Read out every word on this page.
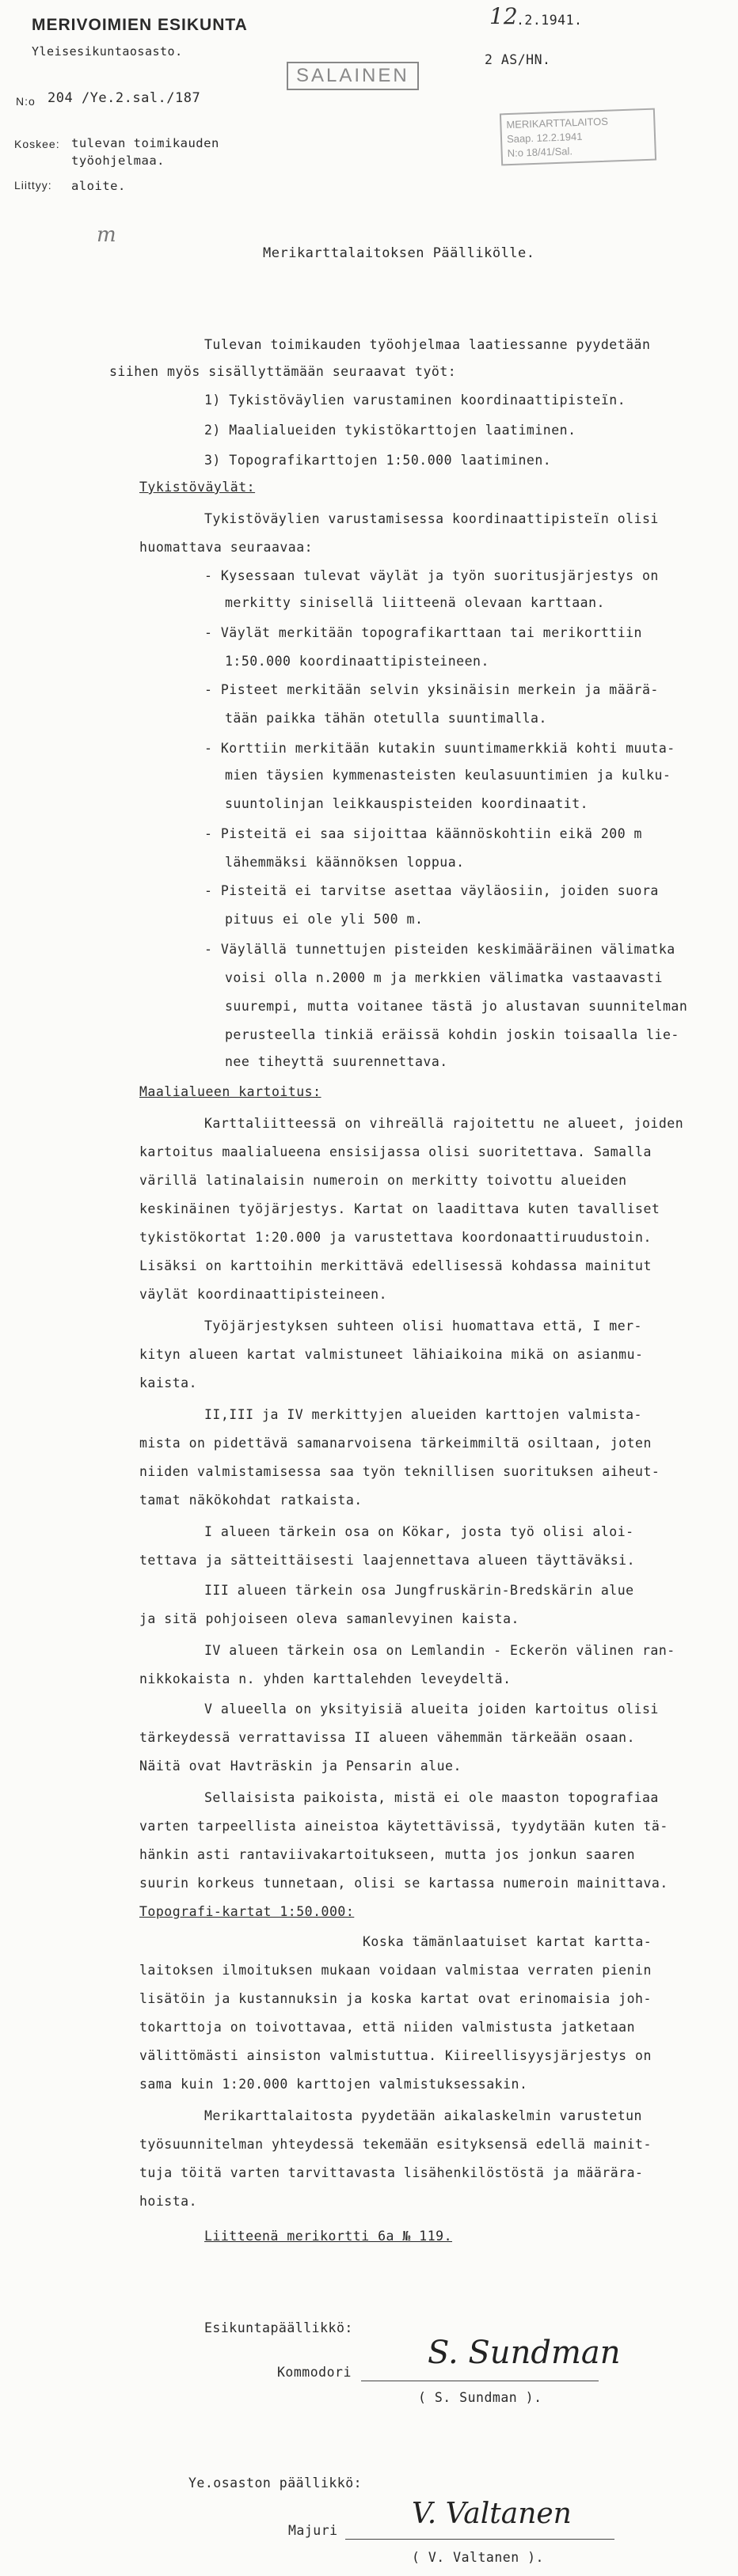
MERIVOIMIEN ESIKUNTA
Yleisesikuntaosasto.
N:o 204 /Ye.2.sal./187
Koskee: tulevan toimikauden työohjelmaa.
Liittyy: aloite.
12
.2.1941.
2 AS/HN.
SALAINEN
MERIKARTTALAITOS
Saap. 12.2.1941
N:o 18/41/Sal.
m
Merikarttalaitoksen Päällikölle.
Tulevan toimikauden työohjelmaa laatiessanne pyydetään
siihen myös sisällyttämään seuraavat työt:
1) Tykistöväylien varustaminen koordinaattipisteïn.
2) Maalialueiden tykistökarttojen laatiminen.
3) Topografikarttojen 1:50.000 laatiminen.
Tykistöväylät:
Tykistöväylien varustamisessa koordinaattipisteïn olisi
huomattava seuraavaa:
- Kysessaan tulevat väylät ja työn suoritusjärjestys on
merkitty sinisellä liitteenä olevaan karttaan.
- Väylät merkitään topografikarttaan tai merikorttiin
1:50.000 koordinaattipisteineen.
- Pisteet merkitään selvin yksinäisin merkein ja määrä-
tään paikka tähän otetulla suuntimalla.
- Korttiin merkitään kutakin suuntimamerkkiä kohti muuta-
mien täysien kymmenasteisten keulasuuntimien ja kulku-
suuntolinjan leikkauspisteiden koordinaatit.
- Pisteitä ei saa sijoittaa käännöskohtiin eikä 200 m
lähemmäksi käännöksen loppua.
- Pisteitä ei tarvitse asettaa väyläosiin, joiden suora
pituus ei ole yli 500 m.
- Väylällä tunnettujen pisteiden keskimääräinen välimatka
voisi olla n.2000 m ja merkkien välimatka vastaavasti
suurempi, mutta voitanee tästä jo alustavan suunnitelman
perusteella tinkiä eräissä kohdin joskin toisaalla lie-
nee tiheyttä suurennettava.
Maalialueen kartoitus:
Karttaliitteessä on vihreällä rajoitettu ne alueet, joiden
kartoitus maalialueena ensisijassa olisi suoritettava. Samalla
värillä latinalaisin numeroin on merkitty toivottu alueiden
keskinäinen työjärjestys. Kartat on laadittava kuten tavalliset
tykistökortat 1:20.000 ja varustettava koordonaattiruudustoin.
Lisäksi on karttoihin merkittävä edellisessä kohdassa mainitut
väylät koordinaattipisteineen.
Työjärjestyksen suhteen olisi huomattava että, I mer-
kityn alueen kartat valmistuneet lähiaikoina mikä on asianmu-
kaista.
II,III ja IV merkittyjen alueiden karttojen valmista-
mista on pidettävä samanarvoisena tärkeimmiltä osiltaan, joten
niiden valmistamisessa saa työn teknillisen suorituksen aiheut-
tamat näkökohdat ratkaista.
I alueen tärkein osa on Kökar, josta työ olisi aloi-
tettava ja sätteittäisesti laajennettava alueen täyttäväksi.
III alueen tärkein osa Jungfruskärin-Bredskärin alue
ja sitä pohjoiseen oleva samanlevyinen kaista.
IV alueen tärkein osa on Lemlandin - Eckerön välinen ran-
nikkokaista n. yhden karttalehden leveydeltä.
V alueella on yksityisiä alueita joiden kartoitus olisi
tärkeydessä verrattavissa II alueen vähemmän tärkeään osaan.
Näitä ovat Havträskin ja Pensarin alue.
Sellaisista paikoista, mistä ei ole maaston topografiaa
varten tarpeellista aineistoa käytettävissä, tyydytään kuten tä-
hänkin asti rantaviivakartoitukseen, mutta jos jonkun saaren
suurin korkeus tunnetaan, olisi se kartassa numeroin mainittava.
Topografi-kartat 1:50.000:
Koska tämänlaatuiset kartat kartta-
laitoksen ilmoituksen mukaan voidaan valmistaa verraten pienin
lisätöin ja kustannuksin ja koska kartat ovat erinomaisia joh-
tokarttoja on toivottavaa, että niiden valmistusta jatketaan
välittömästi ainsiston valmistuttua. Kiireellisyysjärjestys on
sama kuin 1:20.000 karttojen valmistuksessakin.
Merikarttalaitosta pyydetään aikalaskelmin varustetun
työsuunnitelman yhteydessä tekemään esityksensä edellä mainit-
tuja töitä varten tarvittavasta lisähenkilöstöstä ja määrära-
hoista.
Liitteenä merikortti 6a № 119.
Esikuntapäällikkö:
Kommodori
S. Sundman
( S. Sundman ).
Ye.osaston päällikkö:
Majuri
V. Valtanen
( V. Valtanen ).
